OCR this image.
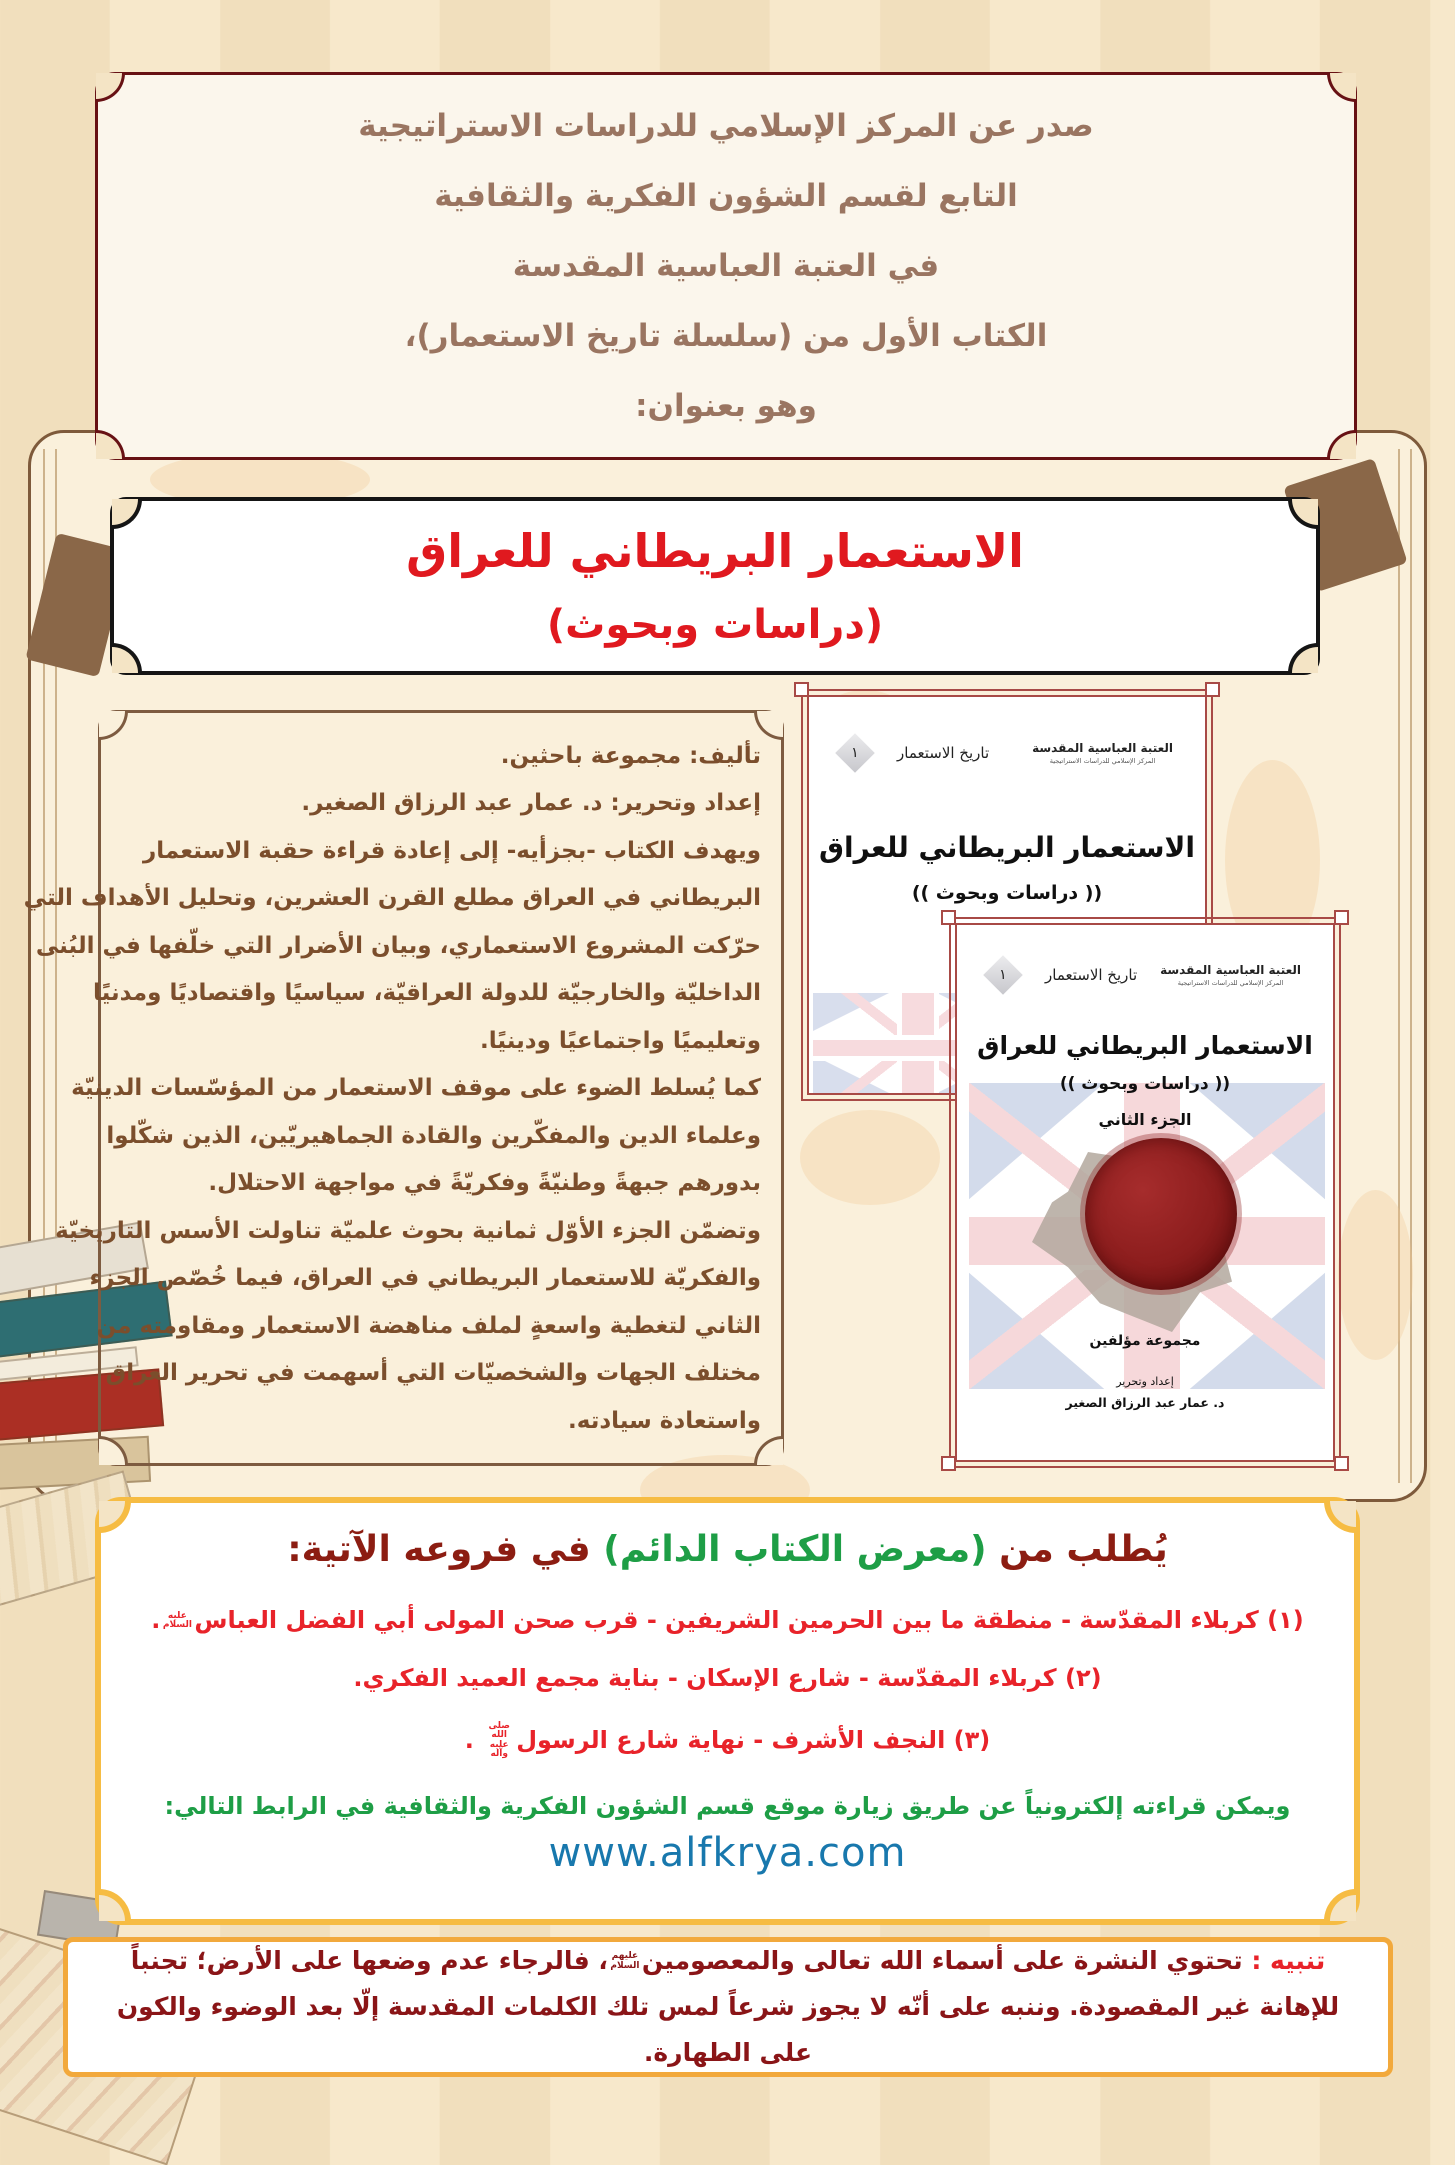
صدر عن المركز الإسلامي للدراسات الاستراتيجية
التابع لقسم الشؤون الفكرية والثقافية
في العتبة العباسية المقدسة
الكتاب الأول من (سلسلة تاريخ الاستعمار)،
وهو بعنوان:
الاستعمار البريطاني للعراق
(دراسات وبحوث)
تأليف: مجموعة باحثين.
إعداد وتحرير: د. عمار عبد الرزاق الصغير.
ويهدف الكتاب -بجزأيه- إلى إعادة قراءة حقبة الاستعمار
البريطاني في العراق مطلع القرن العشرين، وتحليل الأهداف التي
حرّكت المشروع الاستعماري، وبيان الأضرار التي خلّفها في البُنى
الداخليّة والخارجيّة للدولة العراقيّة، سياسيًا واقتصاديًا ومدنيًا
وتعليميًا واجتماعيًا ودينيًا.
كما يُسلط الضوء على موقف الاستعمار من المؤسّسات الدينيّة
وعلماء الدين والمفكّرين والقادة الجماهيريّين، الذين شكّلوا
بدورهم جبهةً وطنيّةً وفكريّةً في مواجهة الاحتلال.
وتضمّن الجزء الأوّل ثمانية بحوث علميّة تناولت الأسس التاريخيّة
والفكريّة للاستعمار البريطاني في العراق، فيما خُصّص الجزء
الثاني لتغطية واسعةٍ لملف مناهضة الاستعمار ومقاومته من
مختلف الجهات والشخصيّات التي أسهمت في تحرير العراق
واستعادة سيادته.
العتبة العباسية المقدسة
المركز الإسلامي للدراسات الاستراتيجية
تاريخ الاستعمار
١
الاستعمار البريطاني للعراق
(( دراسات وبحوث ))
العتبة العباسية المقدسة
المركز الإسلامي للدراسات الاستراتيجية
تاريخ الاستعمار
١
الاستعمار البريطاني للعراق
(( دراسات وبحوث ))
الجزء الثاني
مجموعة مؤلفين
إعداد وتحرير
د. عمار عبد الرزاق الصغير
يُطلب من (معرض الكتاب الدائم) في فروعه الآتية:
(١) كربلاء المقدّسة - منطقة ما بين الحرمين الشريفين - قرب صحن المولى أبي الفضل العباسعليه السلام.
(٢) كربلاء المقدّسة - شارع الإسكان - بناية مجمع العميد الفكري.
(٣) النجف الأشرف - نهاية شارع الرسولصلى الله عليه وآله .
ويمكن قراءته إلكترونياً عن طريق زيارة موقع قسم الشؤون الفكرية والثقافية في الرابط التالي:
www.alfkrya.com

تنبيه : تحتوي النشرة على أسماء الله تعالى والمعصومينعليهم السلام، فالرجاء عدم وضعها على الأرض؛ تجنباً للإهانة غير المقصودة. وننبه على أنّه لا يجوز شرعاً لمس تلك الكلمات المقدسة إلّا بعد الوضوء والكون على الطهارة.
